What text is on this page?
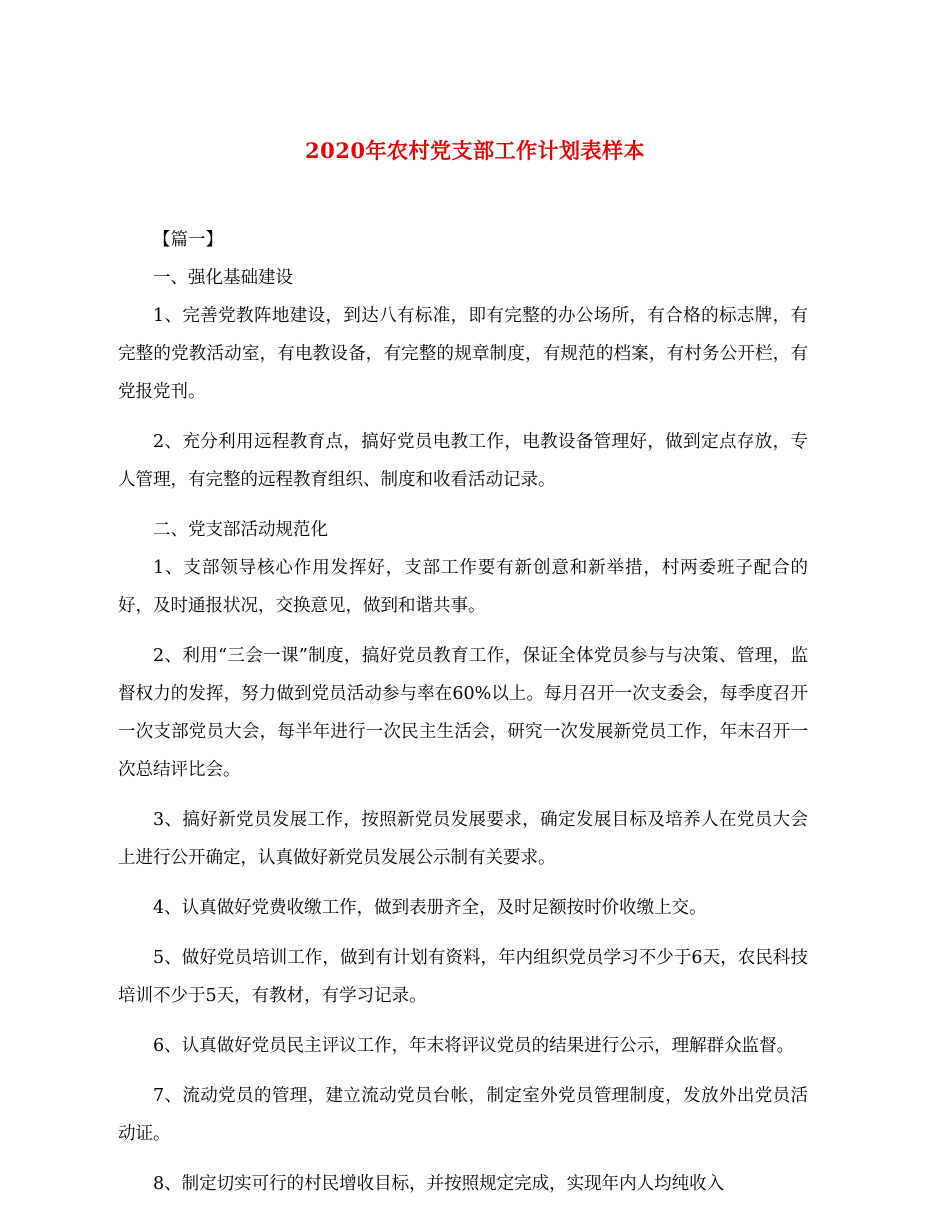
2020年农村党支部工作计划表样本

【篇一】

一、强化基础建设

1、完善党教阵地建设，到达八有标准，即有完整的办公场所，有合格的标志牌，有完整的党教活动室，有电教设备，有完整的规章制度，有规范的档案，有村务公开栏，有党报党刊。

2、充分利用远程教育点，搞好党员电教工作，电教设备管理好，做到定点存放，专人管理，有完整的远程教育组织、制度和收看活动记录。

二、党支部活动规范化

1、支部领导核心作用发挥好，支部工作要有新创意和新举措，村两委班子配合的好，及时通报状况，交换意见，做到和谐共事。

2、利用“三会一课”制度，搞好党员教育工作，保证全体党员参与与决策、管理，监督权力的发挥，努力做到党员活动参与率在60%以上。每月召开一次支委会，每季度召开一次支部党员大会，每半年进行一次民主生活会，研究一次发展新党员工作，年末召开一次总结评比会。

3、搞好新党员发展工作，按照新党员发展要求，确定发展目标及培养人在党员大会上进行公开确定，认真做好新党员发展公示制有关要求。

4、认真做好党费收缴工作，做到表册齐全，及时足额按时价收缴上交。

5、做好党员培训工作，做到有计划有资料，年内组织党员学习不少于6天，农民科技培训不少于5天，有教材，有学习记录。

6、认真做好党员民主评议工作，年末将评议党员的结果进行公示，理解群众监督。

7、流动党员的管理，建立流动党员台帐，制定室外党员管理制度，发放外出党员活动证。

8、制定切实可行的村民增收目标，并按照规定完成，实现年内人均纯收入
